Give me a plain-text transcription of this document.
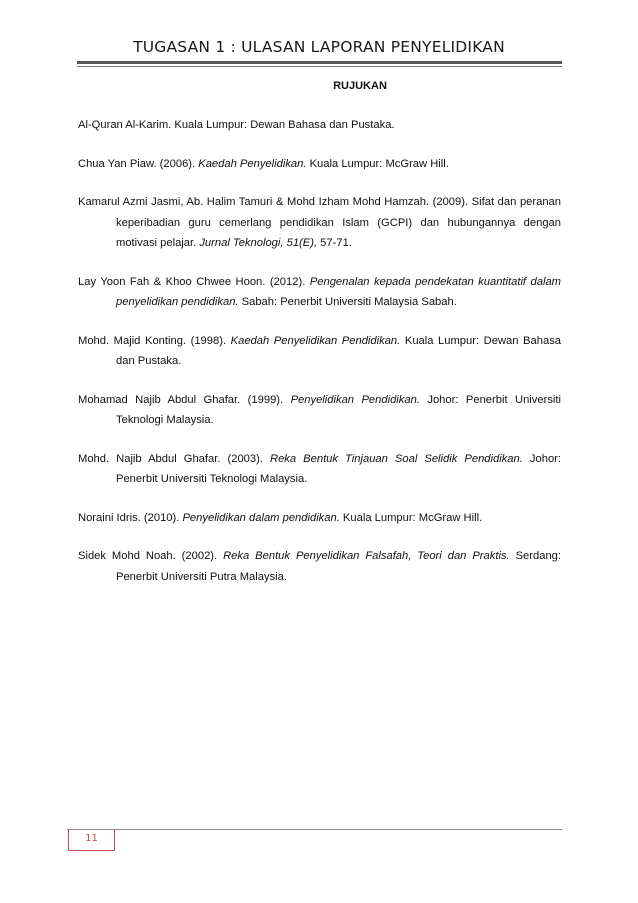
TUGASAN 1 : ULASAN LAPORAN PENYELIDIKAN
RUJUKAN
Al-Quran Al-Karim. Kuala Lumpur: Dewan Bahasa dan Pustaka.
Chua Yan Piaw. (2006). Kaedah Penyelidikan. Kuala Lumpur: McGraw Hill.
Kamarul Azmi Jasmi, Ab. Halim Tamuri & Mohd Izham Mohd Hamzah. (2009). Sifat dan peranan keperibadian guru cemerlang pendidikan Islam (GCPI) dan hubungannya dengan motivasi pelajar. Jurnal Teknologi, 51(E), 57-71.
Lay Yoon Fah & Khoo Chwee Hoon. (2012). Pengenalan kepada pendekatan kuantitatif dalam penyelidikan pendidikan. Sabah: Penerbit Universiti Malaysia Sabah.
Mohd. Majid Konting. (1998). Kaedah Penyelidikan Pendidikan. Kuala Lumpur: Dewan Bahasa dan Pustaka.
Mohamad Najib Abdul Ghafar. (1999). Penyelidikan Pendidikan. Johor: Penerbit Universiti Teknologi Malaysia.
Mohd. Najib Abdul Ghafar. (2003). Reka Bentuk Tinjauan Soal Selidik Pendidikan. Johor: Penerbit Universiti Teknologi Malaysia.
Noraini Idris. (2010). Penyelidikan dalam pendidikan. Kuala Lumpur: McGraw Hill.
Sidek Mohd Noah. (2002). Reka Bentuk Penyelidikan Falsafah, Teori dan Praktis. Serdang: Penerbit Universiti Putra Malaysia.
11
